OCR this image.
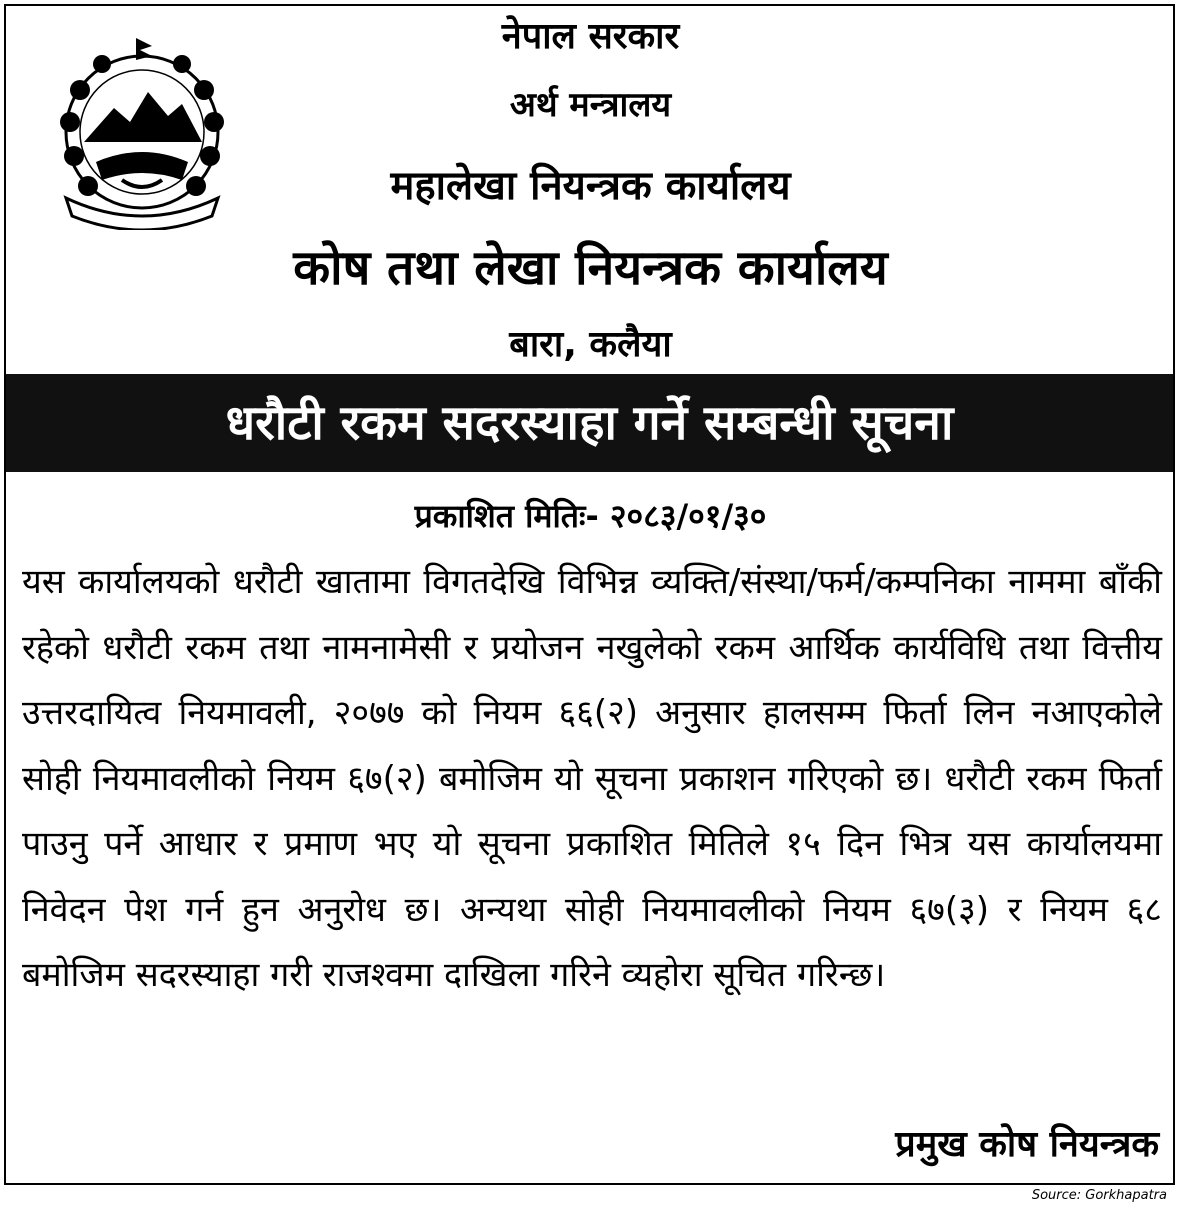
नेपाल सरकार
अर्थ मन्त्रालय
महालेखा नियन्त्रक कार्यालय
कोष तथा लेखा नियन्त्रक कार्यालय
बारा, कलैया
धरौटी रकम सदरस्याहा गर्ने सम्बन्धी सूचना
प्रकाशित मितिः- २०८३/०१/३०

यस कार्यालयको धरौटी खातामा विगतदेखि विभिन्न व्यक्ति/संस्था/फर्म/कम्पनिका नाममा बाँकी रहेको धरौटी रकम तथा नामनामेसी र प्रयोजन नखुलेको रकम आर्थिक कार्यविधि तथा वित्तीय उत्तरदायित्व नियमावली, २०७७ को नियम ६६(२) अनुसार हालसम्म फिर्ता लिन नआएकोले सोही नियमावलीको नियम ६७(२) बमोजिम यो सूचना प्रकाशन गरिएको छ। धरौटी रकम फिर्ता पाउनु पर्ने आधार र प्रमाण भए यो सूचना प्रकाशित मितिले १५ दिन भित्र यस कार्यालयमा निवेदन पेश गर्न हुन अनुरोध छ। अन्यथा सोही नियमावलीको नियम ६७(३) र नियम ६८ बमोजिम सदरस्याहा गरी राजश्वमा दाखिला गरिने व्यहोरा सूचित गरिन्छ।

प्रमुख कोष नियन्त्रक
Source: Gorkhapatra
